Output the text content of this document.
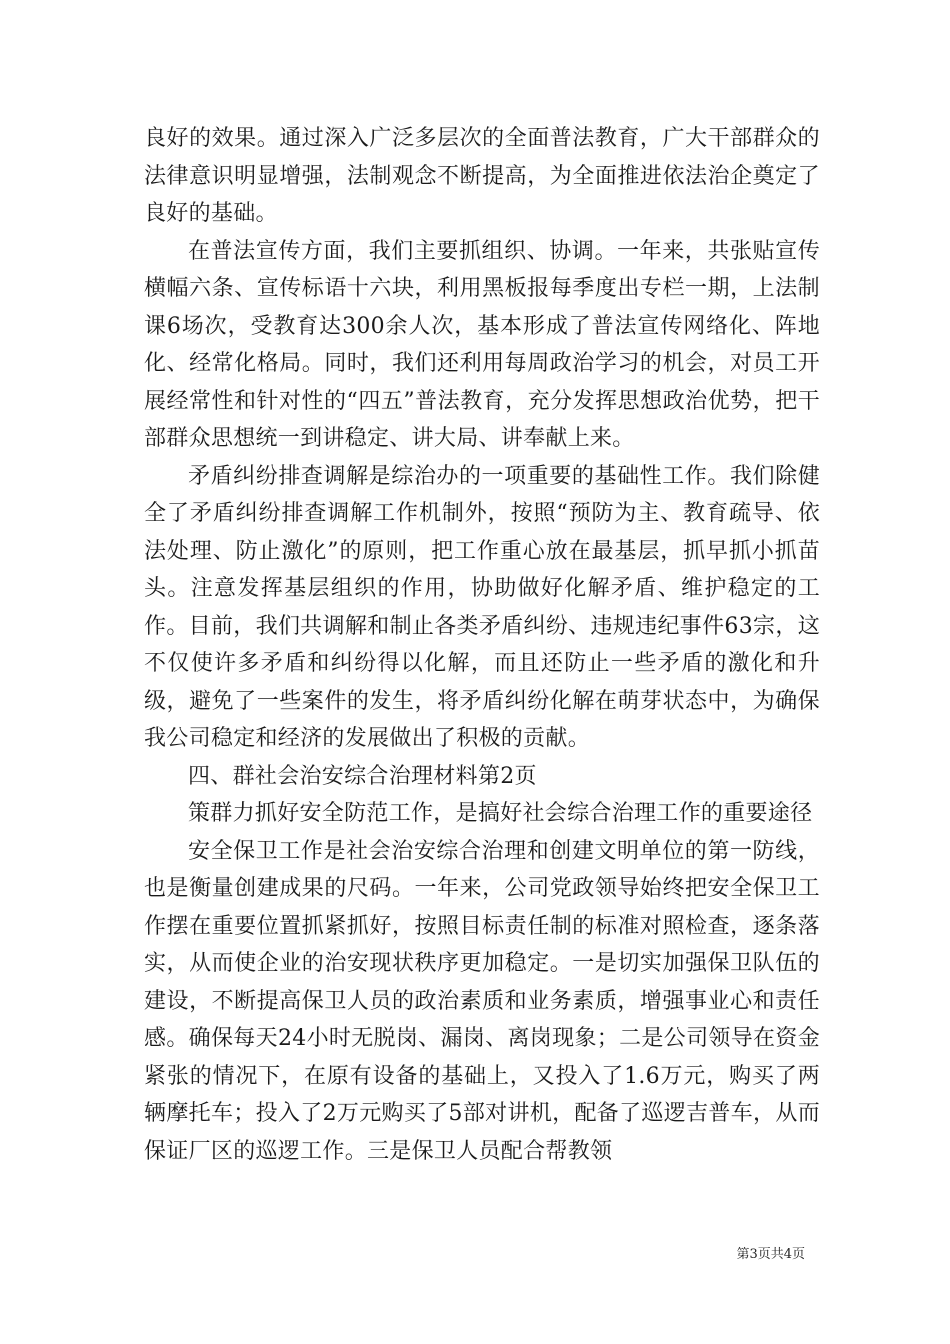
良好的效果。通过深入广泛多层次的全面普法教育，广大干部群众的法律意识明显增强，法制观念不断提高，为全面推进依法治企奠定了良好的基础。

在普法宣传方面，我们主要抓组织、协调。一年来，共张贴宣传横幅六条、宣传标语十六块，利用黑板报每季度出专栏一期，上法制课6场次，受教育达300余人次，基本形成了普法宣传网络化、阵地化、经常化格局。同时，我们还利用每周政治学习的机会，对员工开展经常性和针对性的“四五”普法教育，充分发挥思想政治优势，把干部群众思想统一到讲稳定、讲大局、讲奉献上来。

矛盾纠纷排查调解是综治办的一项重要的基础性工作。我们除健全了矛盾纠纷排查调解工作机制外，按照“预防为主、教育疏导、依法处理、防止激化”的原则，把工作重心放在最基层，抓早抓小抓苗头。注意发挥基层组织的作用，协助做好化解矛盾、维护稳定的工作。目前，我们共调解和制止各类矛盾纠纷、违规违纪事件63宗，这不仅使许多矛盾和纠纷得以化解，而且还防止一些矛盾的激化和升级，避免了一些案件的发生，将矛盾纠纷化解在萌芽状态中，为确保我公司稳定和经济的发展做出了积极的贡献。

四、群社会治安综合治理材料第2页

策群力抓好安全防范工作，是搞好社会综合治理工作的重要途径

安全保卫工作是社会治安综合治理和创建文明单位的第一防线，也是衡量创建成果的尺码。一年来，公司党政领导始终把安全保卫工作摆在重要位置抓紧抓好，按照目标责任制的标准对照检查，逐条落实，从而使企业的治安现状秩序更加稳定。一是切实加强保卫队伍的建设，不断提高保卫人员的政治素质和业务素质，增强事业心和责任感。确保每天24小时无脱岗、漏岗、离岗现象；二是公司领导在资金紧张的情况下，在原有设备的基础上，又投入了1.6万元，购买了两辆摩托车；投入了2万元购买了5部对讲机，配备了巡逻吉普车，从而保证厂区的巡逻工作。三是保卫人员配合帮教领

第3页共4页
